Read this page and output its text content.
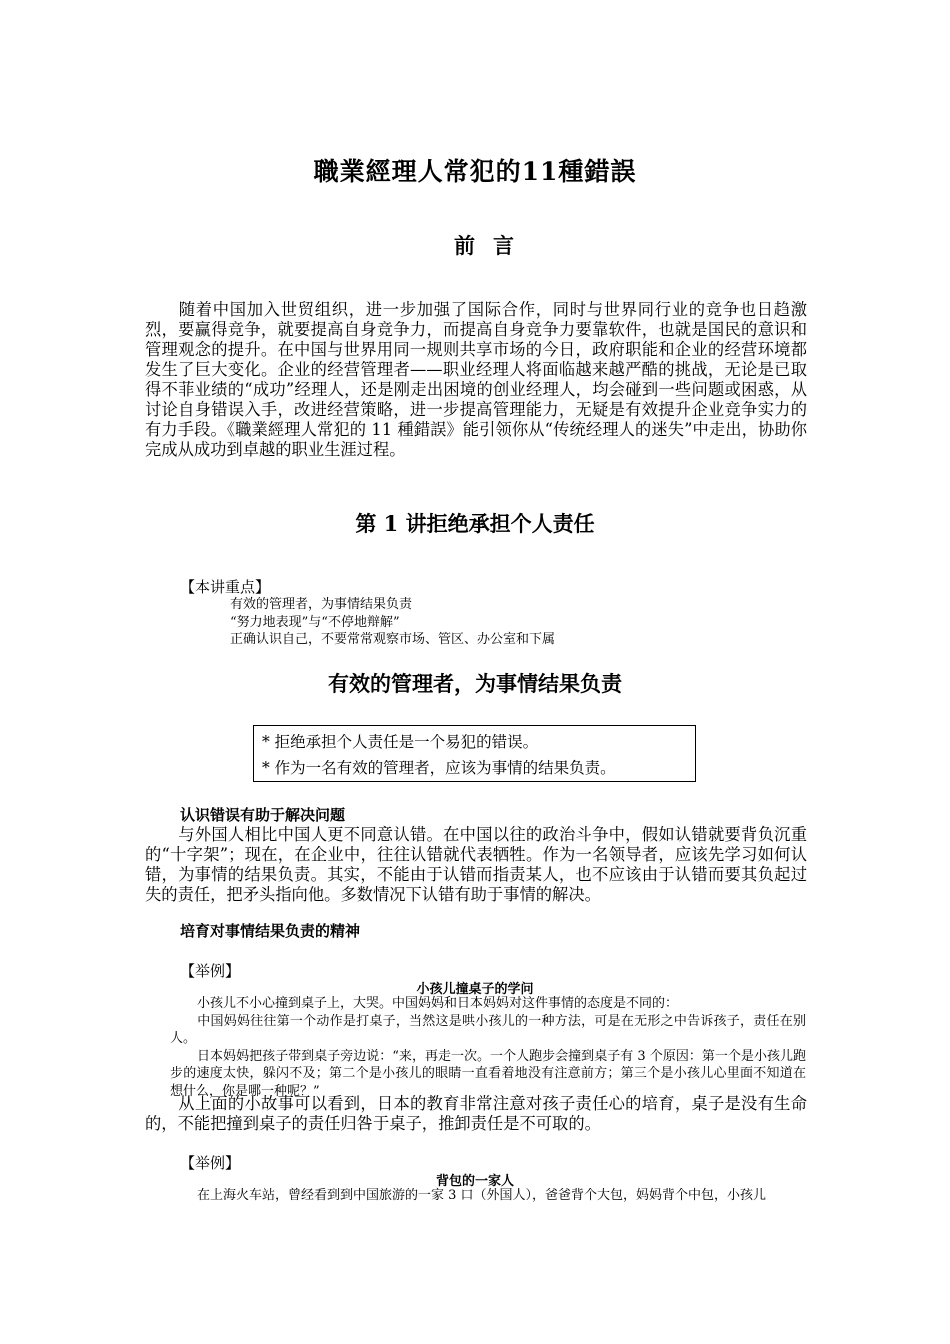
職業經理人常犯的11種錯誤
前言
随着中国加入世贸组织，进一步加强了国际合作，同时与世界同行业的竞争也日趋激烈，要赢得竞争，就要提高自身竞争力，而提高自身竞争力要靠软件，也就是国民的意识和管理观念的提升。在中国与世界用同一规则共享市场的今日，政府职能和企业的经营环境都发生了巨大变化。企业的经营管理者——职业经理人将面临越来越严酷的挑战，无论是已取得不菲业绩的“成功”经理人，还是刚走出困境的创业经理人，均会碰到一些问题或困惑，从讨论自身错误入手，改进经营策略，进一步提高管理能力，无疑是有效提升企业竞争实力的有力手段。《職業經理人常犯的 11 種錯誤》能引领你从“传统经理人的迷失”中走出，协助你完成从成功到卓越的职业生涯过程。
第 1 讲拒绝承担个人责任
【本讲重点】
有效的管理者，为事情结果负责
“努力地表现”与“不停地辩解”
正确认识自己，不要常常观察市场、管区、办公室和下属
有效的管理者，为事情结果负责
* 拒绝承担个人责任是一个易犯的错误。
* 作为一名有效的管理者，应该为事情的结果负责。
认识错误有助于解决问题
与外国人相比中国人更不同意认错。在中国以往的政治斗争中，假如认错就要背负沉重的“十字架”；现在，在企业中，往往认错就代表牺牲。作为一名领导者，应该先学习如何认错，为事情的结果负责。其实，不能由于认错而指责某人，也不应该由于认错而要其负起过失的责任，把矛头指向他。多数情况下认错有助于事情的解决。
培育对事情结果负责的精神
【举例】
小孩儿撞桌子的学问
小孩儿不小心撞到桌子上，大哭。中国妈妈和日本妈妈对这件事情的态度是不同的：
中国妈妈往往第一个动作是打桌子，当然这是哄小孩儿的一种方法，可是在无形之中告诉孩子，责任在别人。
日本妈妈把孩子带到桌子旁边说：“来，再走一次。一个人跑步会撞到桌子有 3 个原因：第一个是小孩儿跑步的速度太快，躲闪不及；第二个是小孩儿的眼睛一直看着地没有注意前方；第三个是小孩儿心里面不知道在想什么，你是哪一种呢？”
从上面的小故事可以看到，日本的教育非常注意对孩子责任心的培育，桌子是没有生命的，不能把撞到桌子的责任归咎于桌子，推卸责任是不可取的。
【举例】
背包的一家人
在上海火车站，曾经看到到中国旅游的一家 3 口（外国人），爸爸背个大包，妈妈背个中包，小孩儿
